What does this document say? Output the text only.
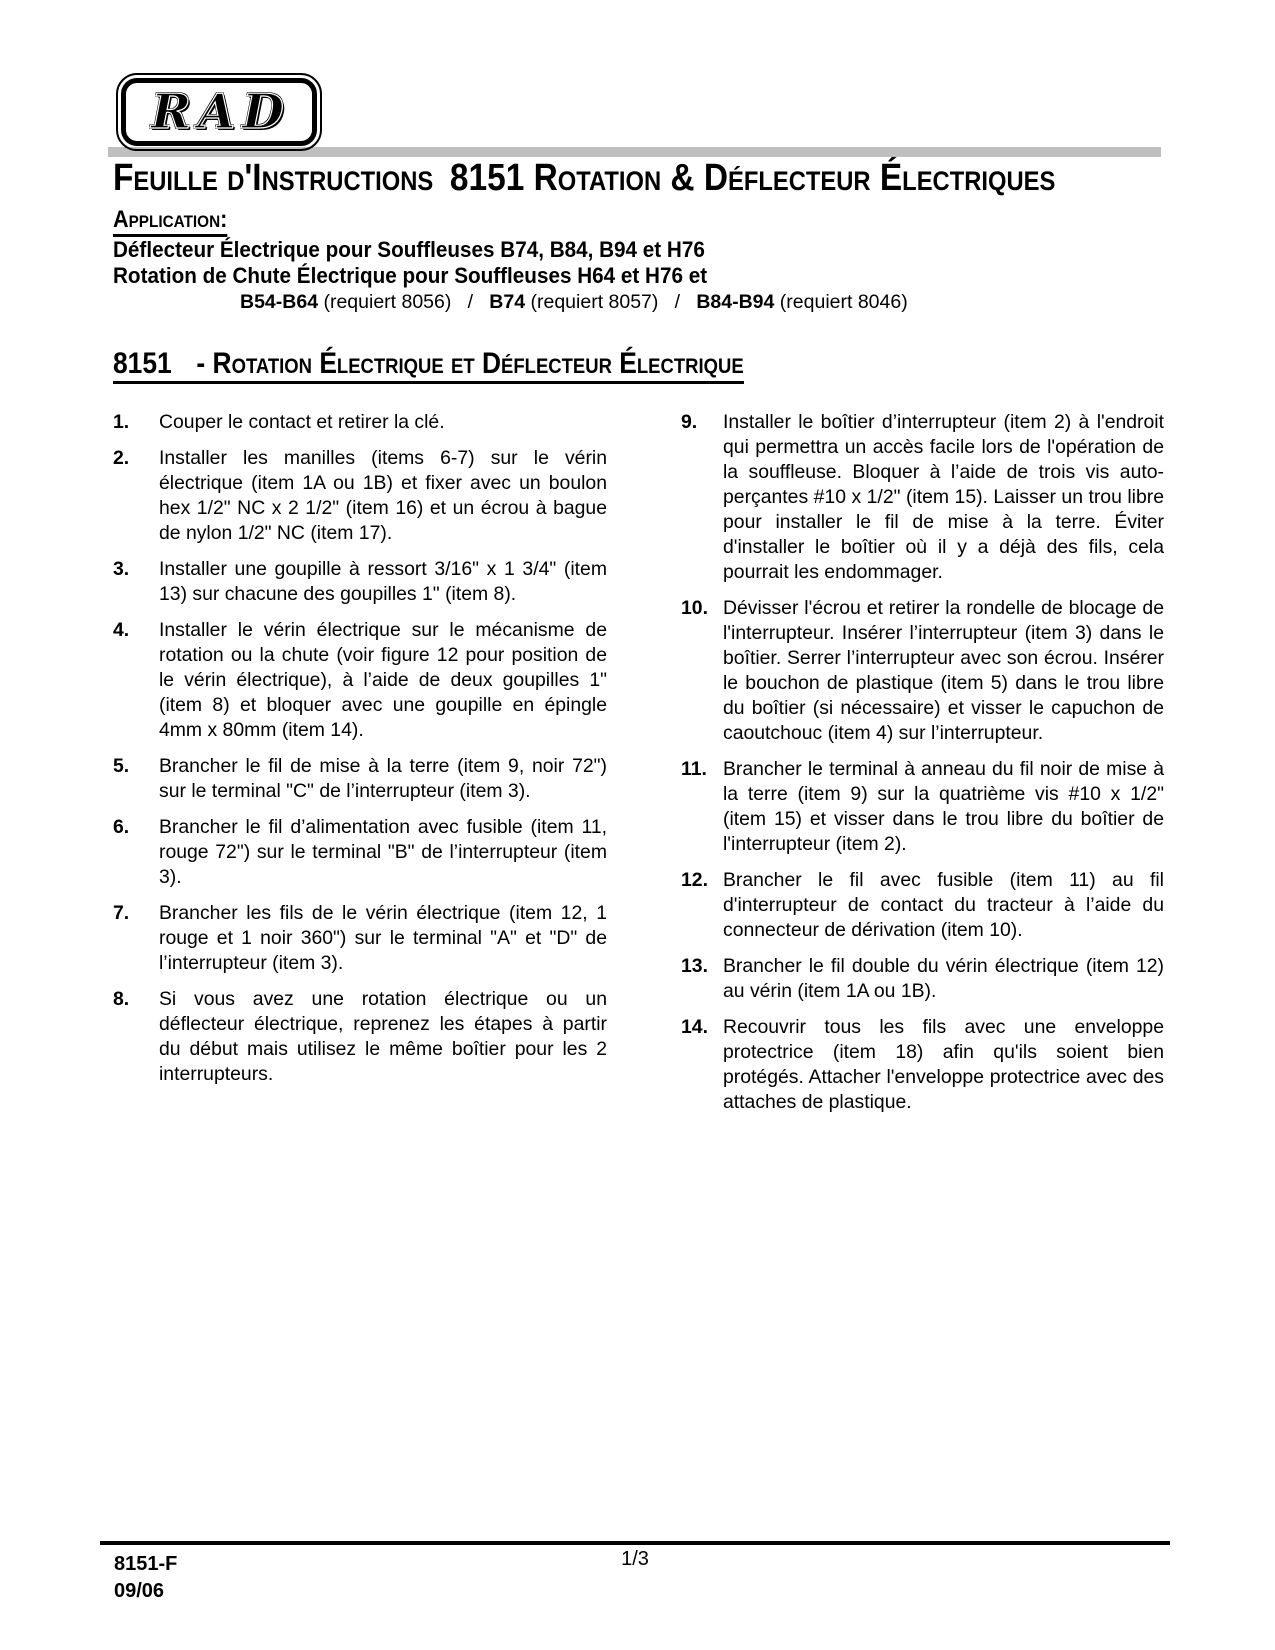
RAD
Feuille d'Instructions 8151 Rotation & Déflecteur Électriques
Application:
Déflecteur Électrique pour Souffleuses B74, B84, B94 et H76
Rotation de Chute Électrique pour Souffleuses H64 et H76 et
B54-B64 (requiert 8056)   /   B74 (requiert 8057)   /   B84-B94 (requiert 8046)
8151 - Rotation Électrique et Déflecteur Électrique
1.	Couper le contact et retirer la clé.
2.	Installer les manilles (items 6-7) sur le vérin électrique (item 1A ou 1B) et fixer avec un boulon hex 1/2" NC x 2 1/2" (item 16) et un écrou à bague de nylon 1/2" NC (item 17).
3.	Installer une goupille à ressort 3/16" x 1 3/4" (item 13) sur chacune des goupilles 1" (item 8).
4.	Installer le vérin électrique sur le mécanisme de rotation ou la chute (voir figure 12 pour position de le vérin électrique), à l’aide de deux goupilles 1" (item 8) et bloquer avec une goupille en épingle 4mm x 80mm (item 14).
5.	Brancher le fil de mise à la terre (item 9, noir 72") sur le terminal "C" de l’interrupteur (item 3).
6.	Brancher le fil d’alimentation avec fusible (item 11, rouge 72") sur le terminal "B" de l’interrupteur (item 3).
7.	Brancher les fils de le vérin électrique (item 12, 1 rouge et 1 noir 360") sur le terminal "A" et "D" de l’interrupteur (item 3).
8.	Si vous avez une rotation électrique ou un déflecteur électrique, reprenez les étapes à partir du début mais utilisez le même boîtier pour les 2 interrupteurs.
9.	Installer le boîtier d’interrupteur (item 2) à l'endroit qui permettra un accès facile lors de l'opération de la souffleuse. Bloquer à l’aide de trois vis auto-perçantes #10 x 1/2" (item 15). Laisser un trou libre pour installer le fil de mise à la terre. Éviter d'installer le boîtier où il y a déjà des fils, cela pourrait les endommager.
10. Dévisser l'écrou et retirer la rondelle de blocage de l'interrupteur. Insérer l’interrupteur (item 3) dans le boîtier. Serrer l’interrupteur avec son écrou. Insérer le bouchon de plastique (item 5) dans le trou libre du boîtier (si nécessaire) et visser le capuchon de caoutchouc (item 4) sur l’interrupteur.
11. Brancher le terminal à anneau du fil noir de mise à la terre (item 9) sur la quatrième vis #10 x 1/2" (item 15) et visser dans le trou libre du boîtier de l'interrupteur (item 2).
12. Brancher le fil avec fusible (item 11) au fil d'interrupteur de contact du tracteur à l’aide du connecteur de dérivation (item 10).
13. Brancher le fil double du vérin électrique (item 12) au vérin (item 1A ou 1B).
14. Recouvrir tous les fils avec une enveloppe protectrice (item 18) afin qu'ils soient bien protégés. Attacher l'enveloppe protectrice avec des attaches de plastique.
1/3
8151-F
09/06
